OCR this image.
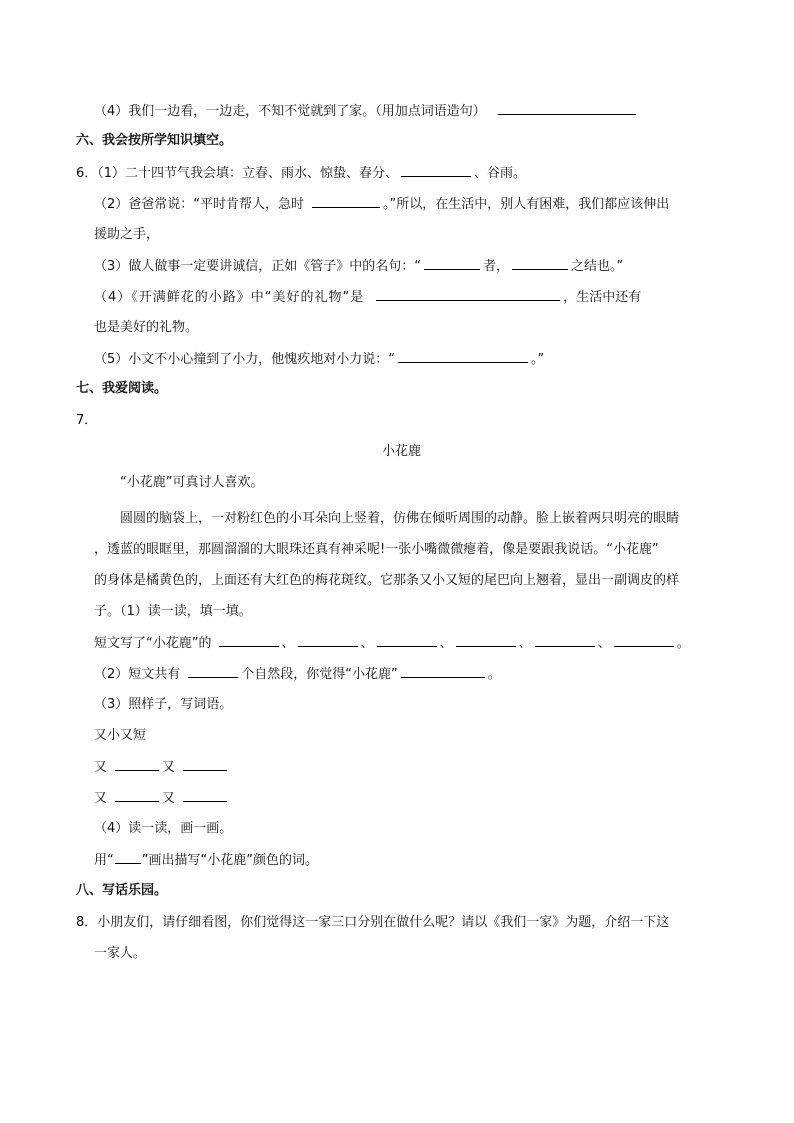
（4）我们一边看，一边走，不知不觉就到了家。（用加点词语造句）
六、我会按所学知识填空。
6．（1）二十四节气我会填：立春、雨水、惊蛰、春分、	、谷雨。
（2）爸爸常说：“平时肯帮人，急时	。”所以，在生活中，别人有困难，我们都应该伸出
援助之手，
（3）做人做事一定要讲诚信，正如《管子》中的名句：“	者，	之结也。”
（4）《开满鲜花的小路》中“美好的礼物”是	，生活中还有
也是美好的礼物。
（5）小文不小心撞到了小力，他愧疚地对小力说：“	。”
七、我爱阅读。
7．
小花鹿
“小花鹿”可真讨人喜欢。
圆圆的脑袋上，一对粉红色的小耳朵向上竖着，仿佛在倾听周围的动静。脸上嵌着两只明亮的眼睛
，透蓝的眼眶里，那圆溜溜的大眼珠还真有神采呢!一张小嘴微微瘪着，像是要跟我说话。“小花鹿”
的身体是橘黄色的，上面还有大红色的梅花斑纹。它那条又小又短的尾巴向上翘着，显出一副调皮的样
子。（1）读一读，填一填。
短文写了“小花鹿”的	、	、	、	、	、	。
（2）短文共有	个自然段，你觉得“小花鹿”	。
（3）照样子，写词语。
又小又短
又	又
又	又
（4）读一读，画一画。
用“ ”画出描写“小花鹿”颜色的词。
八、写话乐园。
8．小朋友们，请仔细看图，你们觉得这一家三口分别在做什么呢？请以《我们一家》为题，介绍一下这
一家人。
